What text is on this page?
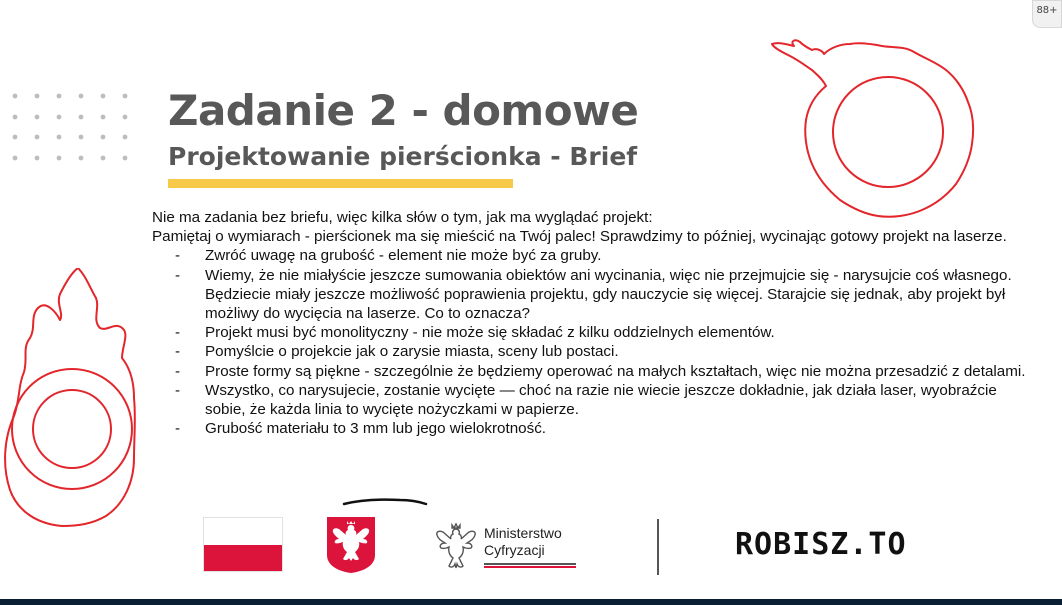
88+
Zadanie 2 - domowe
Projektowanie pierścionka - Brief

Nie ma zadania bez briefu, więc kilka słów o tym, jak ma wyglądać projekt:

Pamiętaj o wymiarach - pierścionek ma się mieścić na Twój palec! Sprawdzimy to później, wycinając gotowy projekt na laserze.

- Zwróć uwagę na grubość - element nie może być za gruby.
- Wiemy, że nie miałyście jeszcze sumowania obiektów ani wycinania, więc nie przejmujcie się - narysujcie coś własnego. Będziecie miały jeszcze możliwość poprawienia projektu, gdy nauczycie się więcej. Starajcie się jednak, aby projekt był możliwy do wycięcia na laserze. Co to oznacza?
- Projekt musi być monolityczny - nie może się składać z kilku oddzielnych elementów.
- Pomyślcie o projekcie jak o zarysie miasta, sceny lub postaci.
- Proste formy są piękne - szczególnie że będziemy operować na małych kształtach, więc nie można przesadzić z detalami.
- Wszystko, co narysujecie, zostanie wycięte — choć na razie nie wiecie jeszcze dokładnie, jak działa laser, wyobraźcie sobie, że każda linia to wycięte nożyczkami w papierze.
- Grubość materiału to 3 mm lub jego wielokrotność.
Ministerstwo
Cyfryzacji	ROBISZ.TO
